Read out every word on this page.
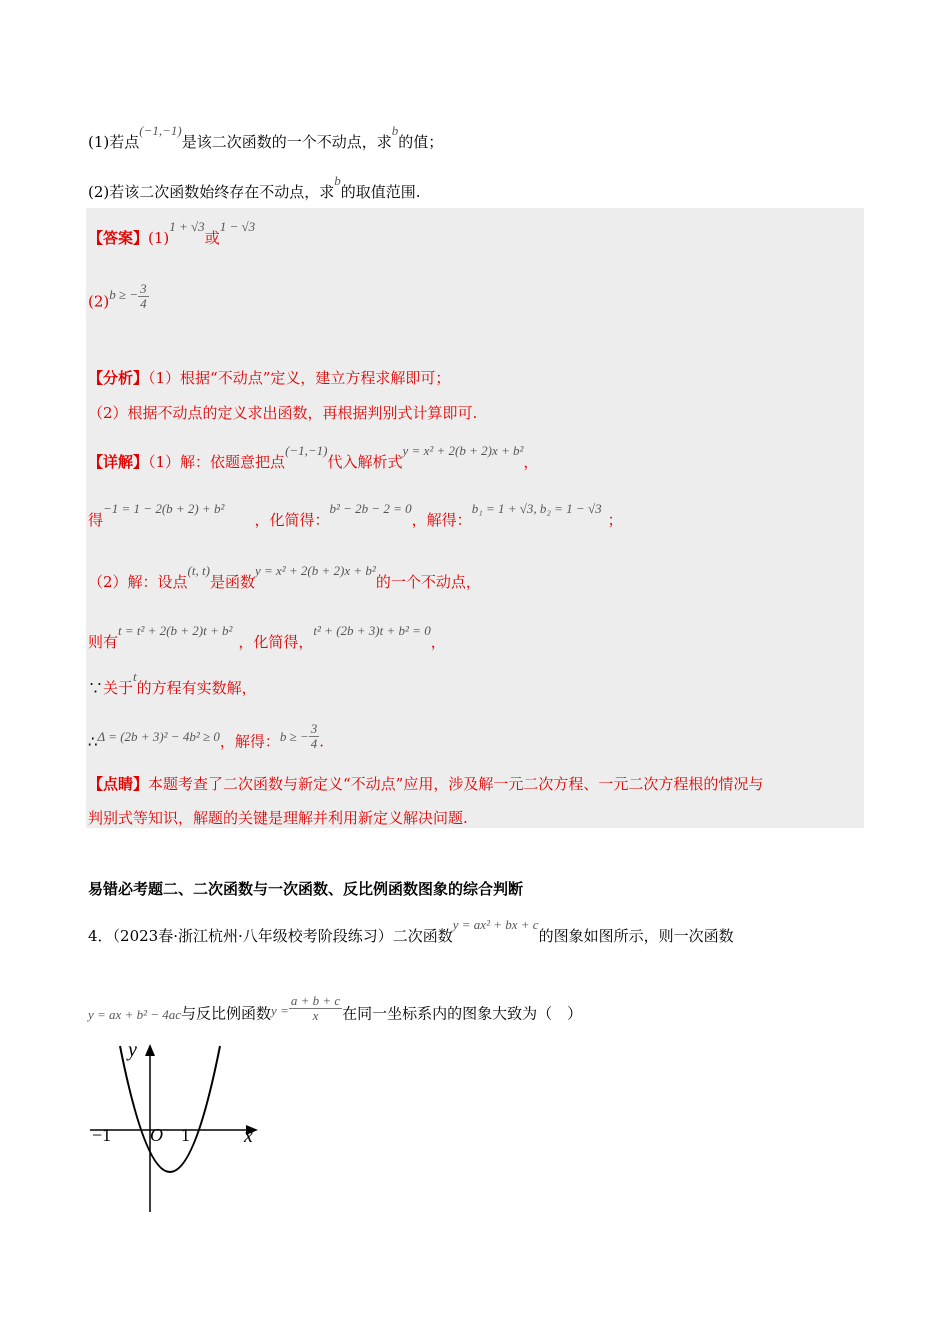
(1)若点(−1,−1)是该二次函数的一个不动点，求b的值；
(2)若该二次函数始终存在不动点，求b的取值范围.
【答案】(1)1 + √3或1 − √3
(2)b ≥ − $\frac{3}{4}$
【分析】（1）根据“不动点”定义，建立方程求解即可；
（2）根据不动点的定义求出函数，再根据判别式计算即可.
【详解】（1）解：依题意把点(−1,−1)代入解析式y = x² + 2(b + 2)x + b²，
得−1 = 1 − 2(b + 2) + b²，化简得：b² − 2b − 2 = 0，解得：b₁ = 1 + √3, b₂ = 1 − √3；
（2）解：设点(t, t)是函数y = x² + 2(b + 2)x + b²的一个不动点，
则有t = t² + 2(b + 2)t + b²，化简得，t² + (2b + 3)t + b² = 0，
∵关于t的方程有实数解，
∴Δ = (2b + 3)² − 4b² ≥ 0，解得：b ≥ − $\frac{3}{4}$ .
【点睛】本题考查了二次函数与新定义“不动点”应用，涉及解一元二次方程、一元二次方程根的情况与
判别式等知识，解题的关键是理解并利用新定义解决问题.
易错必考题二、二次函数与一次函数、反比例函数图象的综合判断
4．（2023春·浙江杭州·八年级校考阶段练习）二次函数y = ax² + bx + c的图象如图所示，则一次函数
y = ax + b² − 4ac与反比例函数$y = \frac{a + b + c}{x}$ 在同一坐标系内的图象大致为（　）
y
x
O
−1	1
